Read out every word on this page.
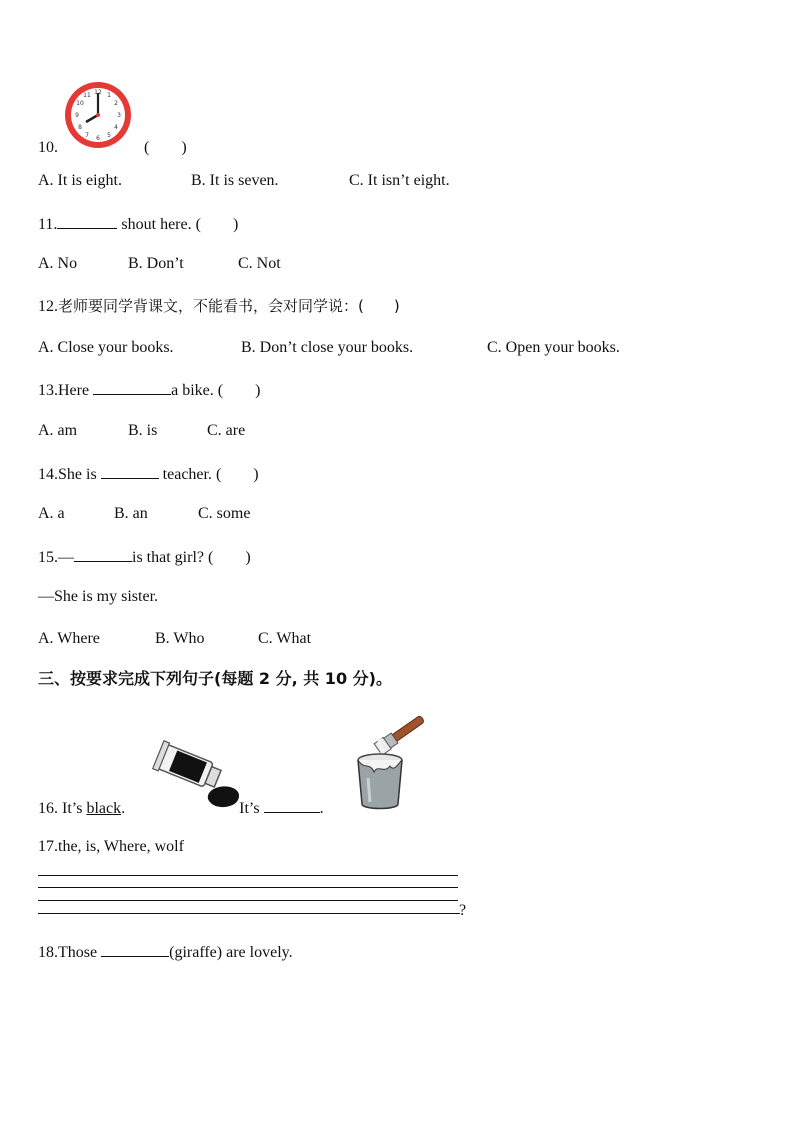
12 1
2
3
4
5
6
7
8
9
10
11
10.	(　　)
A. It is eight.	B. It is seven.	C. It isn’t eight.
11.	shout here. (　　)
A. No	B. Don’t	C. Not
12.老师要同学背课文，不能看书，会对同学说：(　　)
A. Close your books.	B. Don’t close your books.	C. Open your books.
13.Here	a bike. (　　)
A. am	B. is	C. are
14.She is	teacher. (　　)
A. a	B. an	C. some
15.—	is that girl? (　　)
—She is my sister.
A. Where	B. Who	C. What
三、按要求完成下列句子(每题 2 分, 共 10 分)。
16. It’s black.	It’s	.
17.the, is, Where, wolf
?
18.Those	(giraffe) are lovely.
